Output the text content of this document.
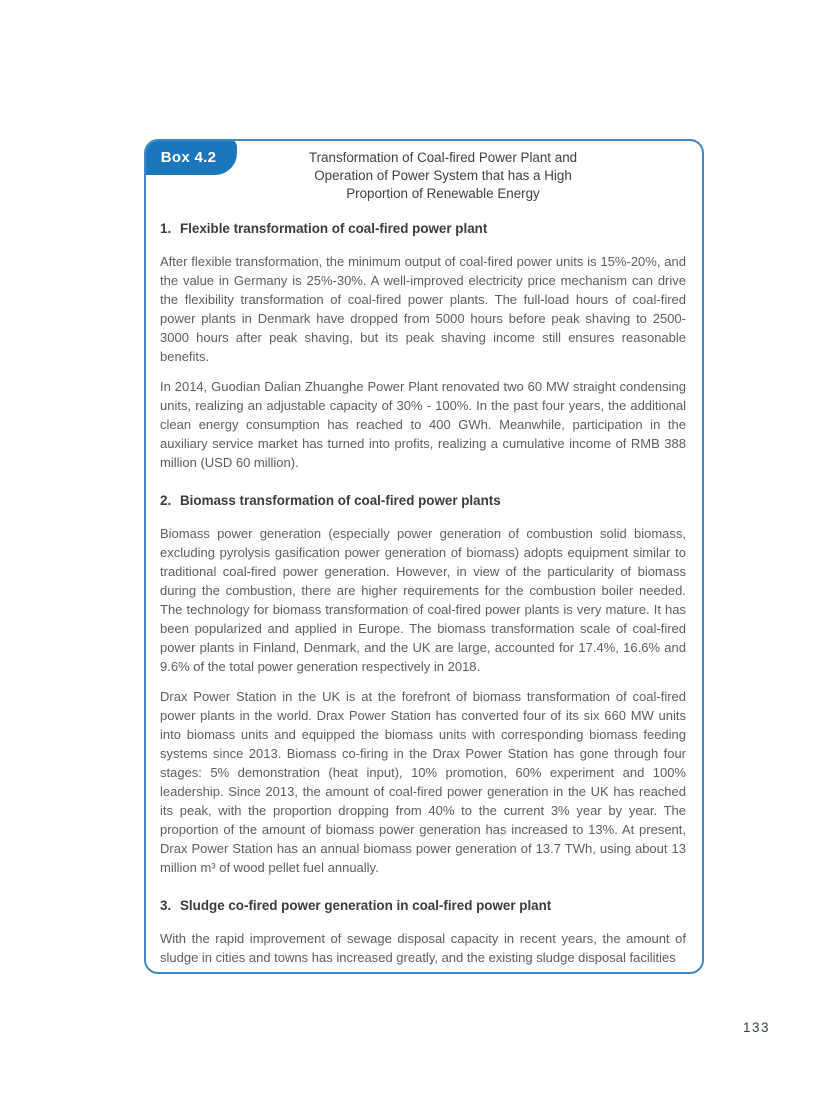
Box 4.2	Transformation of Coal-fired Power Plant and
Operation of Power System that has a High
Proportion of Renewable Energy
1. Flexible transformation of coal-fired power plant

After flexible transformation, the minimum output of coal-fired power units is 15%-20%, and the value in Germany is 25%-30%. A well-improved electricity price mechanism can drive the flexibility transformation of coal-fired power plants. The full-load hours of coal-fired power plants in Denmark have dropped from 5000 hours before peak shaving to 2500-3000 hours after peak shaving, but its peak shaving income still ensures reasonable benefits.

In 2014, Guodian Dalian Zhuanghe Power Plant renovated two 60 MW straight condensing units, realizing an adjustable capacity of 30% - 100%. In the past four years, the additional clean energy consumption has reached to 400 GWh. Meanwhile, participation in the auxiliary service market has turned into profits, realizing a cumulative income of RMB 388 million (USD 60 million).

2. Biomass transformation of coal-fired power plants

Biomass power generation (especially power generation of combustion solid biomass, excluding pyrolysis gasification power generation of biomass) adopts equipment similar to traditional coal-fired power generation. However, in view of the particularity of biomass during the combustion, there are higher requirements for the combustion boiler needed. The technology for biomass transformation of coal-fired power plants is very mature. It has been popularized and applied in Europe. The biomass transformation scale of coal-fired power plants in Finland, Denmark, and the UK are large, accounted for 17.4%, 16.6% and 9.6% of the total power generation respectively in 2018.

Drax Power Station in the UK is at the forefront of biomass transformation of coal-fired power plants in the world. Drax Power Station has converted four of its six 660 MW units into biomass units and equipped the biomass units with corresponding biomass feeding systems since 2013. Biomass co-firing in the Drax Power Station has gone through four stages: 5% demonstration (heat input), 10% promotion, 60% experiment and 100% leadership. Since 2013, the amount of coal-fired power generation in the UK has reached its peak, with the proportion dropping from 40% to the current 3% year by year. The proportion of the amount of biomass power generation has increased to 13%. At present, Drax Power Station has an annual biomass power generation of 13.7 TWh, using about 13 million m³ of wood pellet fuel annually.

3. Sludge co-fired power generation in coal-fired power plant

With the rapid improvement of sewage disposal capacity in recent years, the amount of sludge in cities and towns has increased greatly, and the existing sludge disposal facilities

133
